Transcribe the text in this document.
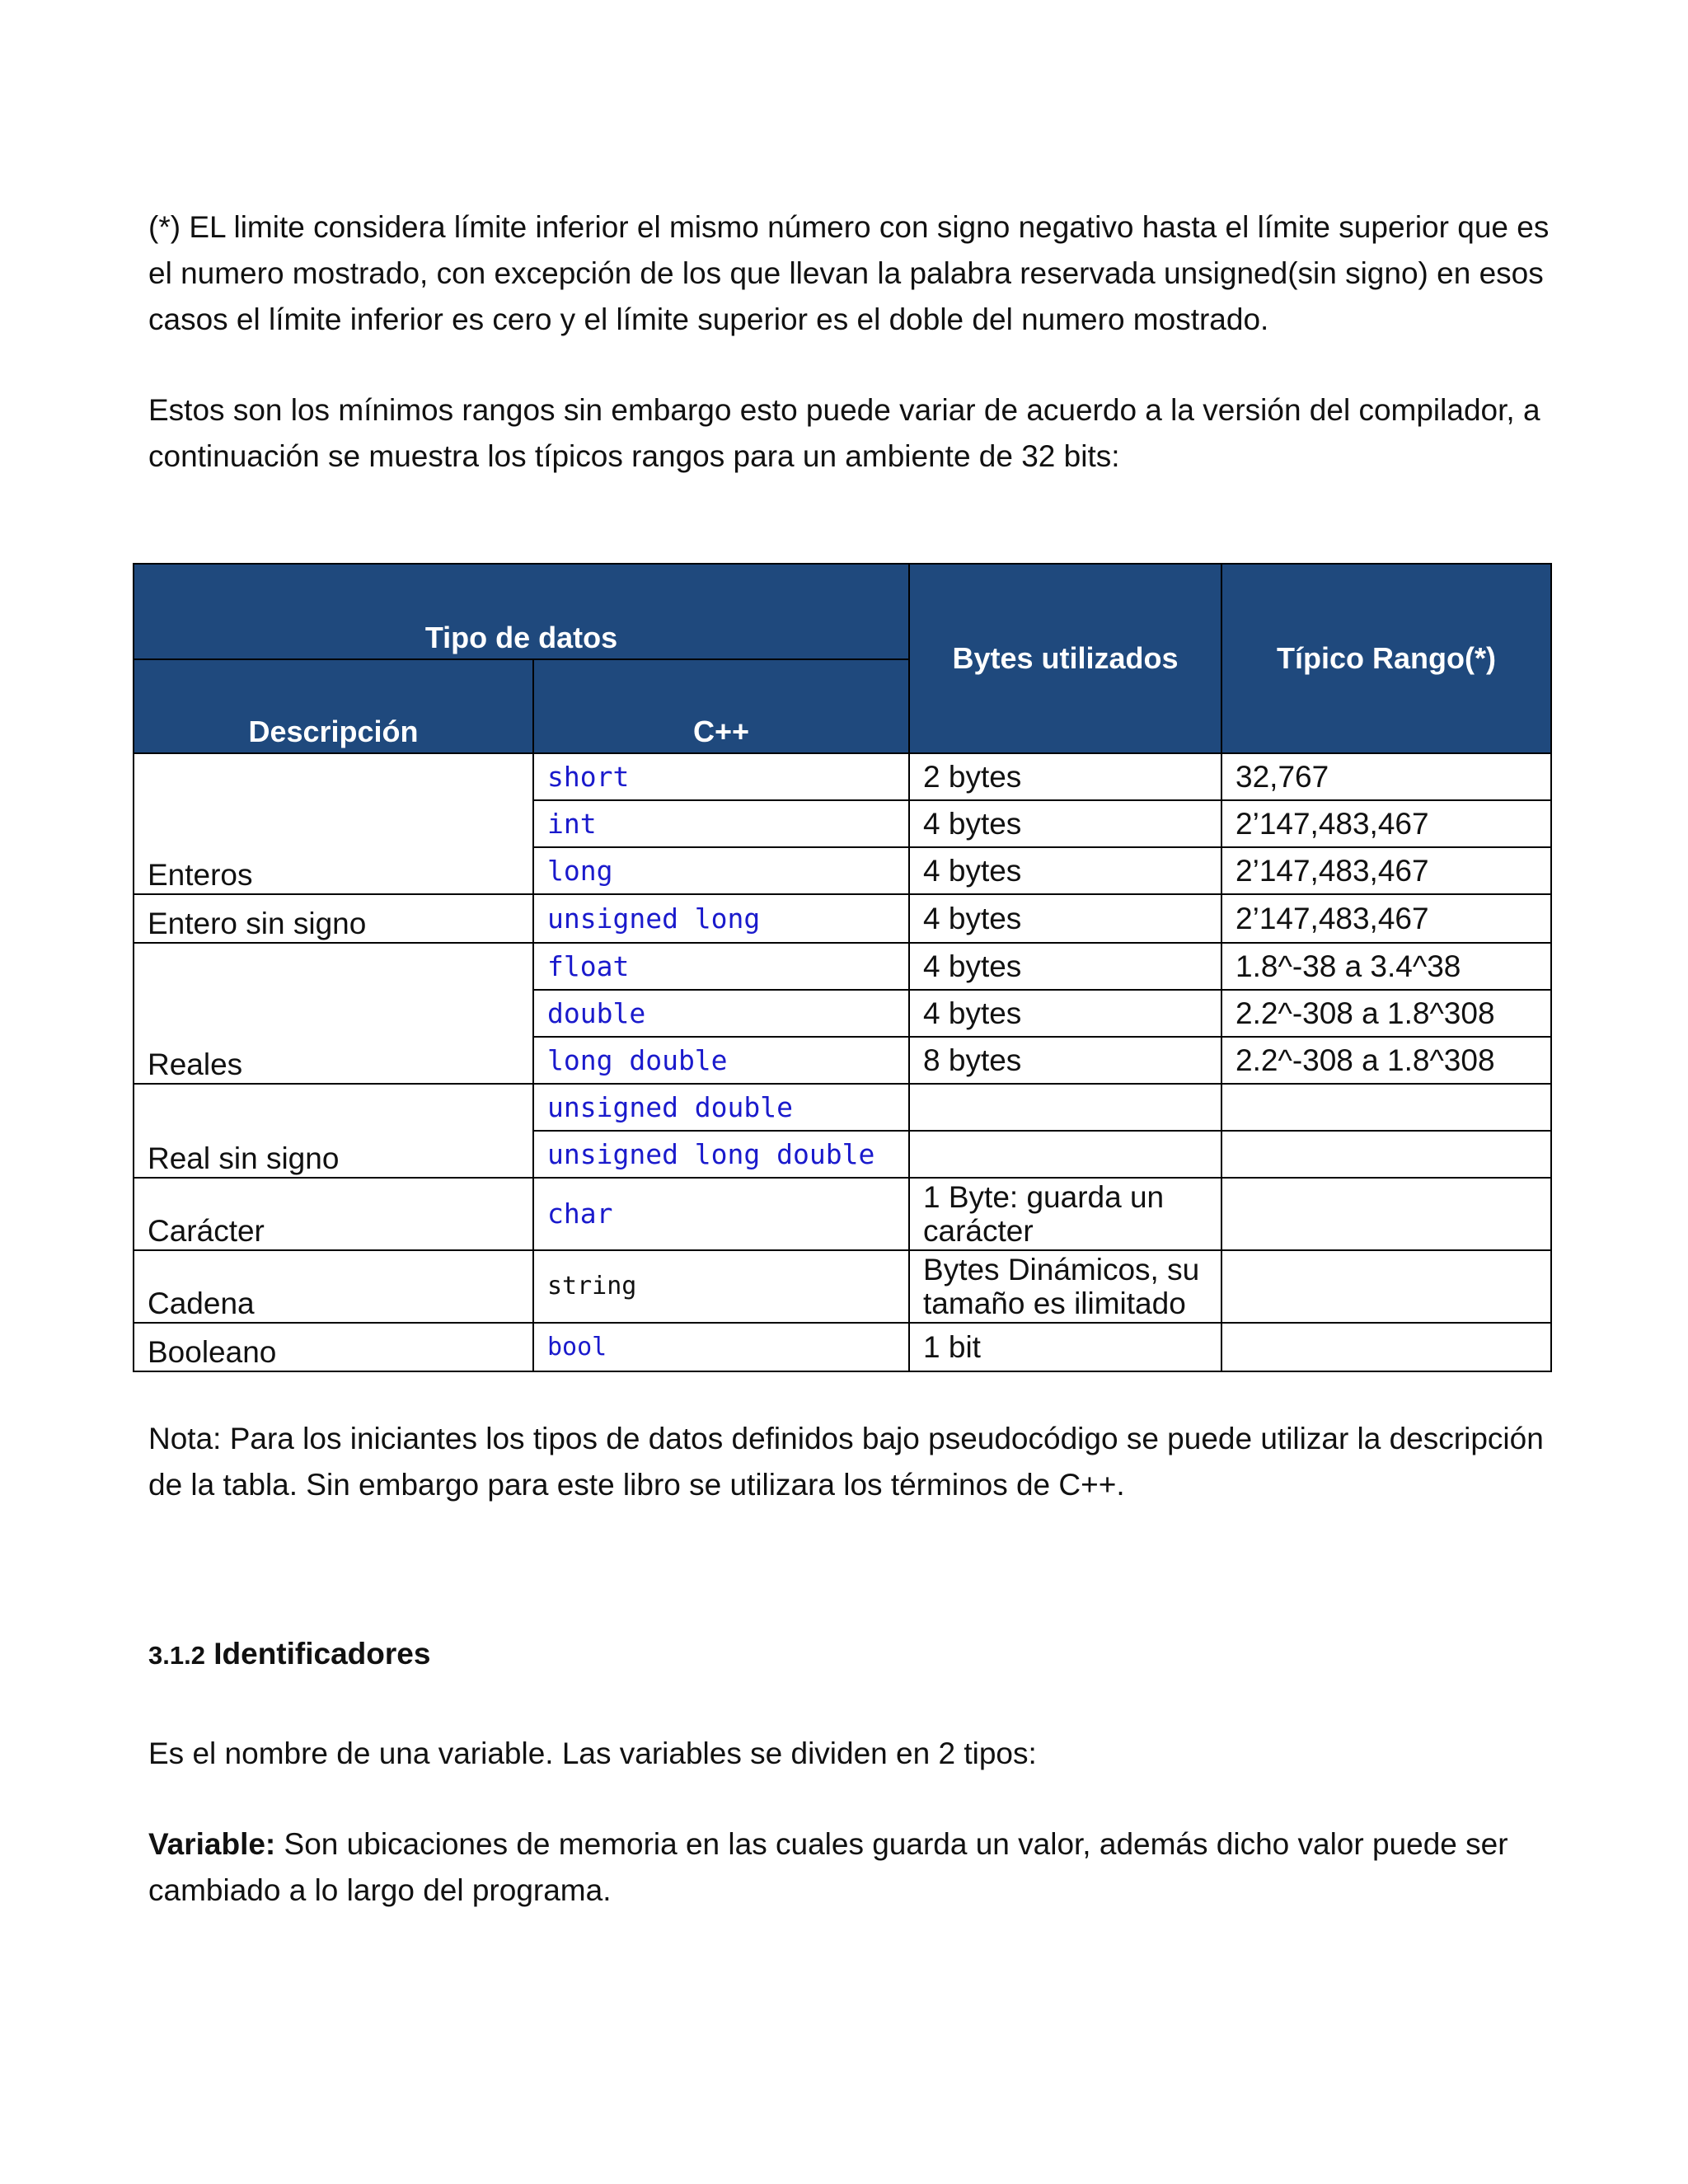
(*) EL limite considera límite inferior el mismo número con signo negativo hasta el límite superior que es el numero mostrado, con excepción de los que llevan la palabra reservada unsigned(sin signo) en esos casos el límite inferior es cero y el límite superior es el doble del numero mostrado.

Estos son los mínimos rangos sin embargo esto puede variar de acuerdo a la versión del compilador, a continuación se muestra los típicos rangos para un ambiente de 32 bits:

Tipo de datos		Bytes utilizados	Típico Rango(*)
Descripción	C++		
Enteros	short	2 bytes	32,767
	int	4 bytes	2’147,483,467
	long	4 bytes	2’147,483,467
Entero sin signo	unsigned long	4 bytes	2’147,483,467
Reales	float	4 bytes	1.8^-38 a 3.4^38
	double	4 bytes	2.2^-308 a 1.8^308
	long double	8 bytes	2.2^-308 a 1.8^308
Real sin signo	unsigned double		
	unsigned long double		
Carácter	char	1 Byte: guarda un carácter	
Cadena	string	Bytes Dinámicos, su tamaño es ilimitado	
Booleano	bool	1 bit	

Nota: Para los iniciantes los tipos de datos definidos bajo pseudocódigo se puede utilizar la descripción de la tabla. Sin embargo para este libro se utilizara los términos de C++.

3.1.2 Identificadores

Es el nombre de una variable. Las variables se dividen en 2 tipos:

Variable: Son ubicaciones de memoria en las cuales guarda un valor, además dicho valor puede ser cambiado a lo largo del programa.
